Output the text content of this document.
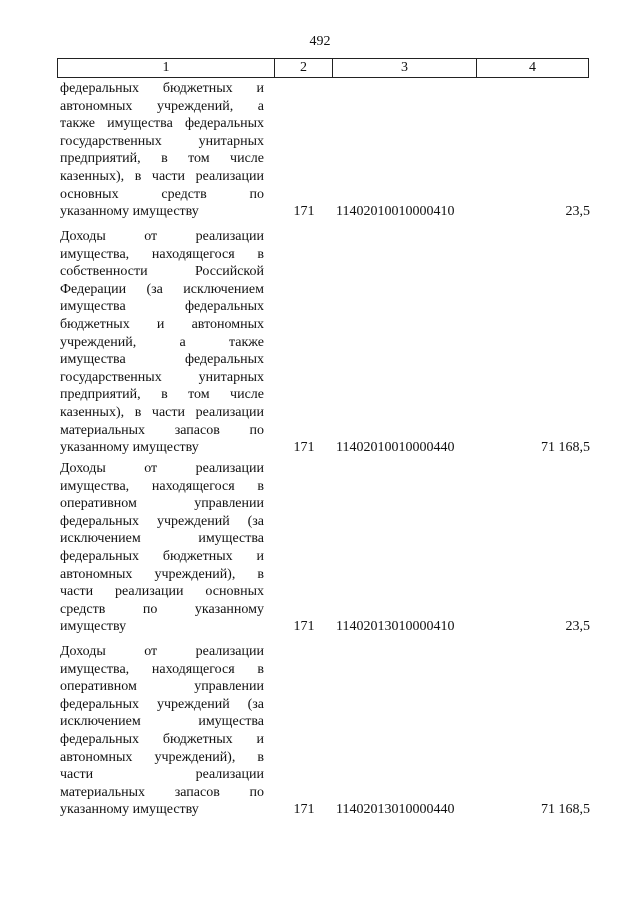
492
1	2	3	4
федеральных бюджетных и
автономных учреждений, а
также имущества федеральных
государственных унитарных
предприятий, в том числе
казенных), в части реализации
основных средств по
указанному имуществу	171	11402010010000410	23,5
Доходы от реализации
имущества, находящегося в
собственности Российской
Федерации (за исключением
имущества федеральных
бюджетных и автономных
учреждений, а также
имущества федеральных
государственных унитарных
предприятий, в том числе
казенных), в части реализации
материальных запасов по
указанному имуществу	171	11402010010000440	71 168,5
Доходы от реализации
имущества, находящегося в
оперативном управлении
федеральных учреждений (за
исключением имущества
федеральных бюджетных и
автономных учреждений), в
части реализации основных
средств по указанному
имуществу	171	11402013010000410	23,5
Доходы от реализации
имущества, находящегося в
оперативном управлении
федеральных учреждений (за
исключением имущества
федеральных бюджетных и
автономных учреждений), в
части реализации
материальных запасов по
указанному имуществу	171	11402013010000440	71 168,5
